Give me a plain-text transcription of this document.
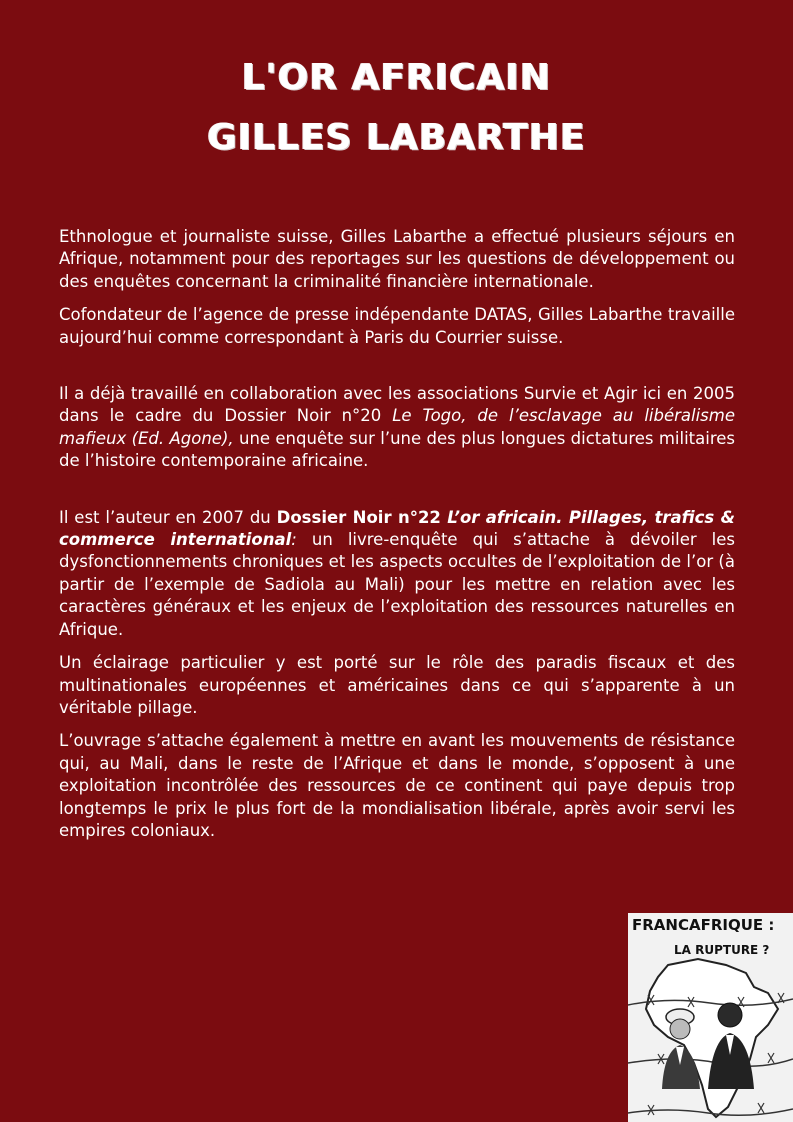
L'OR AFRICAIN
GILLES LABARTHE

Ethnologue et journaliste suisse, Gilles Labarthe a effectué plusieurs séjours en Afrique, notamment pour des reportages sur les questions de développement ou des enquêtes concernant la criminalité financière internationale.

Cofondateur de l’agence de presse indépendante DATAS, Gilles Labarthe travaille aujourd’hui comme correspondant à Paris du Courrier suisse.

Il a déjà travaillé en collaboration avec les associations Survie et Agir ici en 2005 dans le cadre du Dossier Noir n°20 Le Togo, de l’esclavage au libéralisme mafieux (Ed. Agone), une enquête sur l’une des plus longues dictatures militaires de l’histoire contemporaine africaine.

Il est l’auteur en 2007 du Dossier Noir n°22 L’or africain. Pillages, trafics & commerce international: un livre-enquête qui s’attache à dévoiler les dysfonctionnements chroniques et les aspects occultes de l’exploitation de l’or (à partir de l’exemple de Sadiola au Mali) pour les mettre en relation avec les caractères généraux et les enjeux de l’exploitation des ressources naturelles en Afrique.

Un éclairage particulier y est porté sur le rôle des paradis fiscaux et des multinationales européennes et américaines dans ce qui s’apparente à un véritable pillage.

L’ouvrage s’attache également à mettre en avant les mouvements de résistance qui, au Mali, dans le reste de l’Afrique et dans le monde, s’opposent à une exploitation incontrôlée des ressources de ce continent qui paye depuis trop longtemps le prix le plus fort de la mondialisation libérale, après avoir servi les empires coloniaux.

FRANCAFRIQUE :
LA RUPTURE ?
